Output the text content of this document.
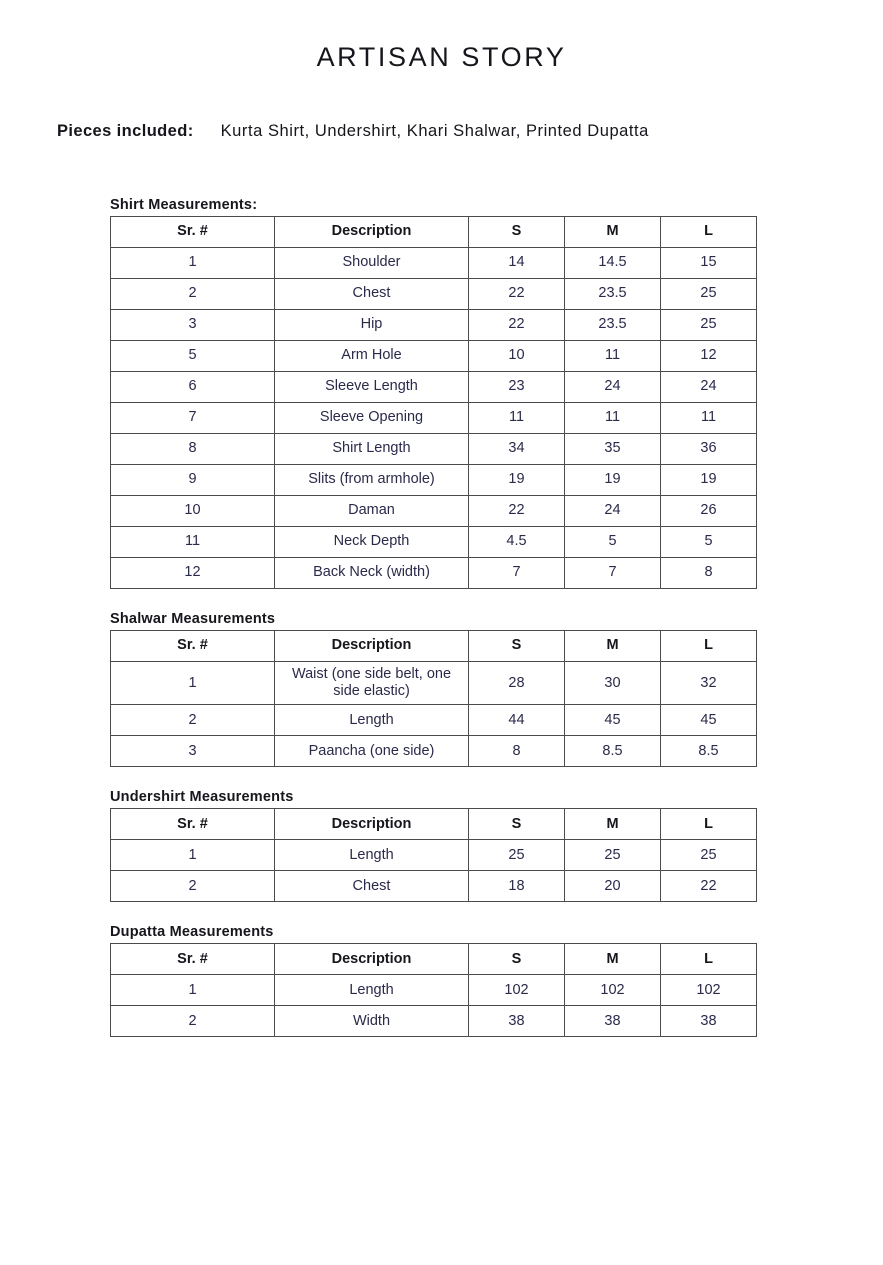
ARTISAN STORY
Pieces included: Kurta Shirt, Undershirt, Khari Shalwar, Printed Dupatta
Shirt Measurements:
Sr. #	Description	S	M	L
1	Shoulder	14	14.5	15
2	Chest	22	23.5	25
3	Hip	22	23.5	25
5	Arm Hole	10	11	12
6	Sleeve Length	23	24	24
7	Sleeve Opening	11	11	11
8	Shirt Length	34	35	36
9	Slits (from armhole)	19	19	19
10	Daman	22	24	26
11	Neck Depth	4.5	5	5
12	Back Neck (width)	7	7	8
Shalwar Measurements
Sr. #	Description	S	M	L
1	Waist (one side belt, one side elastic)	28	30	32
2	Length	44	45	45
3	Paancha (one side)	8	8.5	8.5
Undershirt Measurements
Sr. #	Description	S	M	L
1	Length	25	25	25
2	Chest	18	20	22
Dupatta Measurements
Sr. #	Description	S	M	L
1	Length	102	102	102
2	Width	38	38	38
